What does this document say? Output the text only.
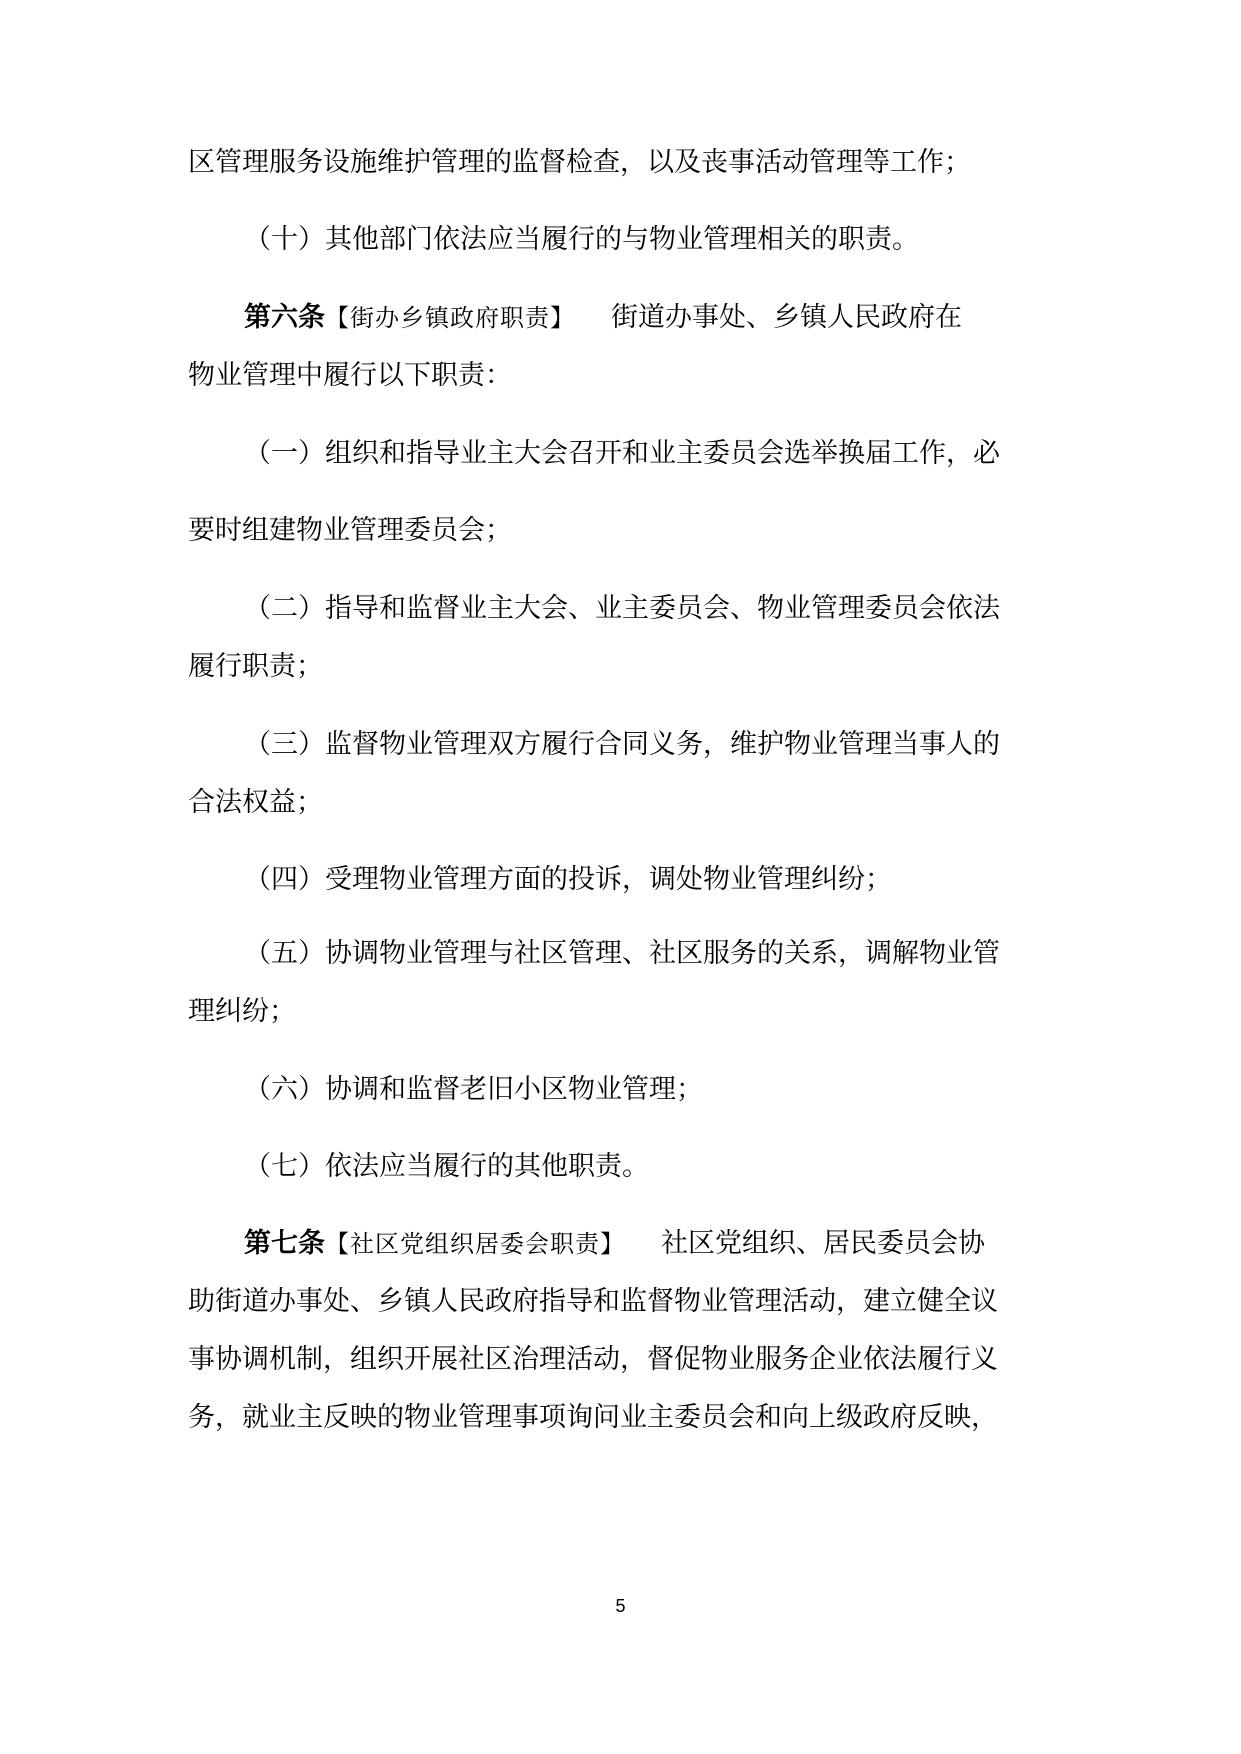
区管理服务设施维护管理的监督检查，以及丧事活动管理等工作；
（十）其他部门依法应当履行的与物业管理相关的职责。
第六条【街办乡镇政府职责】 街道办事处、乡镇人民政府在
物业管理中履行以下职责：
（一）组织和指导业主大会召开和业主委员会选举换届工作，必
要时组建物业管理委员会；
（二）指导和监督业主大会、业主委员会、物业管理委员会依法
履行职责；
（三）监督物业管理双方履行合同义务，维护物业管理当事人的
合法权益；
（四）受理物业管理方面的投诉，调处物业管理纠纷；
（五）协调物业管理与社区管理、社区服务的关系，调解物业管
理纠纷；
（六）协调和监督老旧小区物业管理；
（七）依法应当履行的其他职责。
第七条【社区党组织居委会职责】 社区党组织、居民委员会协
助街道办事处、乡镇人民政府指导和监督物业管理活动，建立健全议
事协调机制，组织开展社区治理活动，督促物业服务企业依法履行义
务，就业主反映的物业管理事项询问业主委员会和向上级政府反映，
5
